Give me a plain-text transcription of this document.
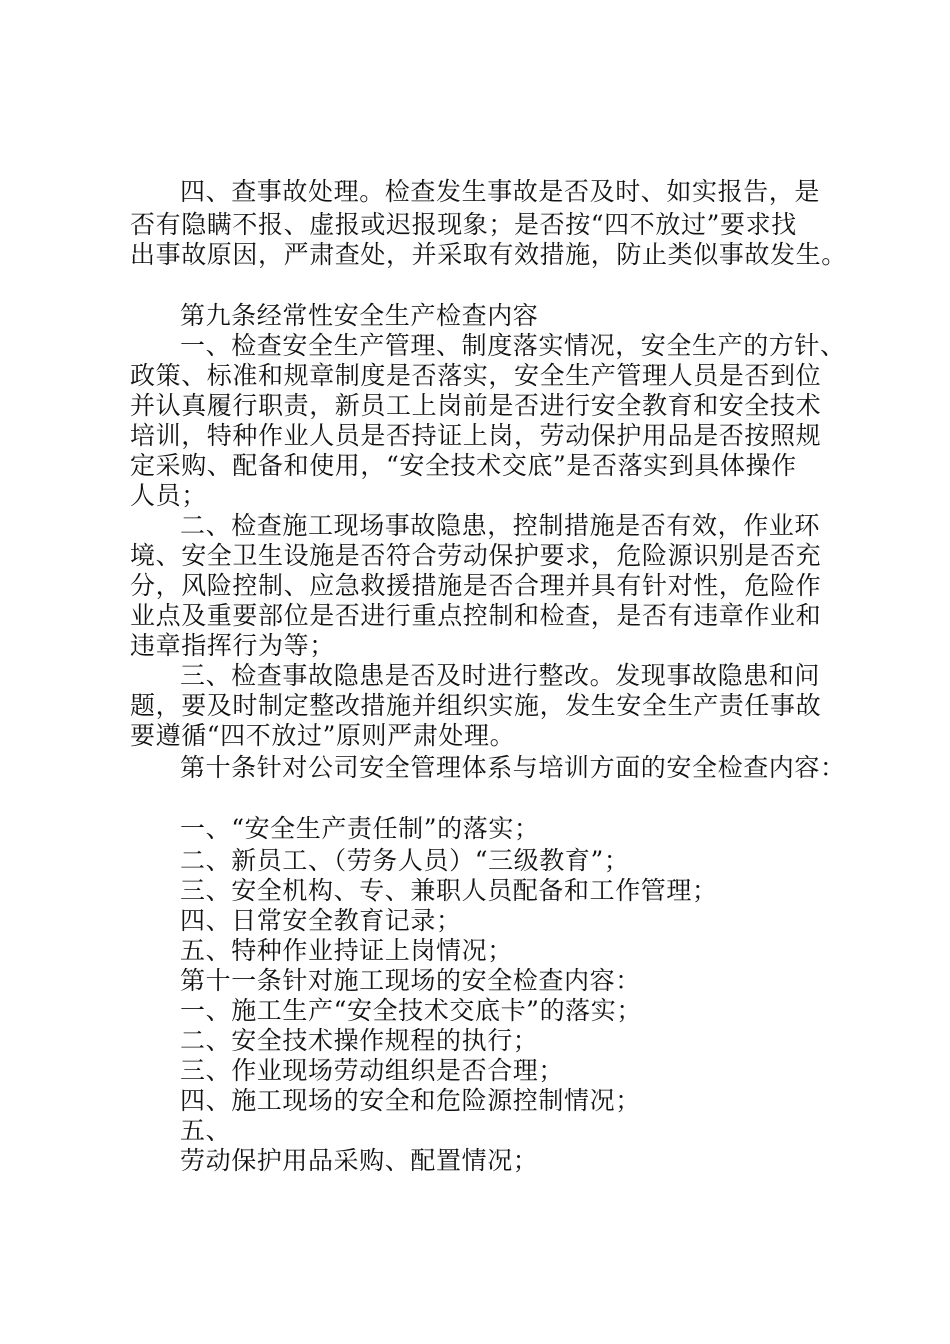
四、查事故处理。检查发生事故是否及时、如实报告，是
否有隐瞒不报、虚报或迟报现象；是否按“四不放过”要求找
出事故原因，严肃查处，并采取有效措施，防止类似事故发生。
第九条经常性安全生产检查内容
一、检查安全生产管理、制度落实情况，安全生产的方针、
政策、标准和规章制度是否落实，安全生产管理人员是否到位
并认真履行职责，新员工上岗前是否进行安全教育和安全技术
培训，特种作业人员是否持证上岗，劳动保护用品是否按照规
定采购、配备和使用，“安全技术交底”是否落实到具体操作
人员；
二、检查施工现场事故隐患，控制措施是否有效，作业环
境、安全卫生设施是否符合劳动保护要求，危险源识别是否充
分，风险控制、应急救援措施是否合理并具有针对性，危险作
业点及重要部位是否进行重点控制和检查，是否有违章作业和
违章指挥行为等；
三、检查事故隐患是否及时进行整改。发现事故隐患和问
题，要及时制定整改措施并组织实施，发生安全生产责任事故
要遵循“四不放过”原则严肃处理。
第十条针对公司安全管理体系与培训方面的安全检查内容：
一、“安全生产责任制”的落实；
二、新员工、（劳务人员）“三级教育”；
三、安全机构、专、兼职人员配备和工作管理；
四、日常安全教育记录；
五、特种作业持证上岗情况；
第十一条针对施工现场的安全检查内容：
一、施工生产“安全技术交底卡”的落实；
二、安全技术操作规程的执行；
三、作业现场劳动组织是否合理；
四、施工现场的安全和危险源控制情况；
五、
劳动保护用品采购、配置情况；
